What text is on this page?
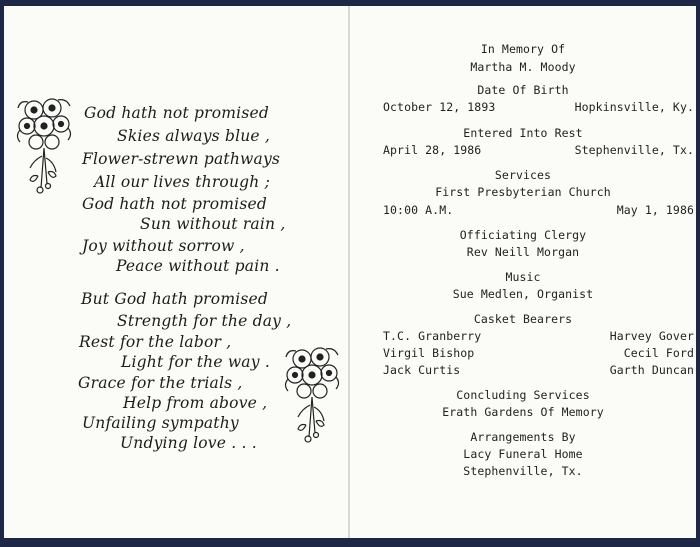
God hath not promised
Skies always blue ,
Flower-strewn pathways
All our lives through ;
God hath not promised
Sun without rain ,
Joy without sorrow ,
Peace without pain .
But God hath promised
Strength for the day ,
Rest for the labor ,
Light for the way .
Grace for the trials ,
Help from above ,
Unfailing sympathy
Undying love . . .
In Memory Of
Martha M. Moody
Date Of Birth
October 12, 1893	Hopkinsville, Ky.
Entered Into Rest
April 28, 1986	Stephenville, Tx.
Services
First Presbyterian Church
10:00 A.M.	May 1, 1986
Officiating Clergy
Rev Neill Morgan
Music
Sue Medlen, Organist
Casket Bearers
T.C. Granberry	Harvey Gover
Virgil Bishop	Cecil Ford
Jack Curtis	Garth Duncan
Concluding Services
Erath Gardens Of Memory
Arrangements By
Lacy Funeral Home
Stephenville, Tx.
